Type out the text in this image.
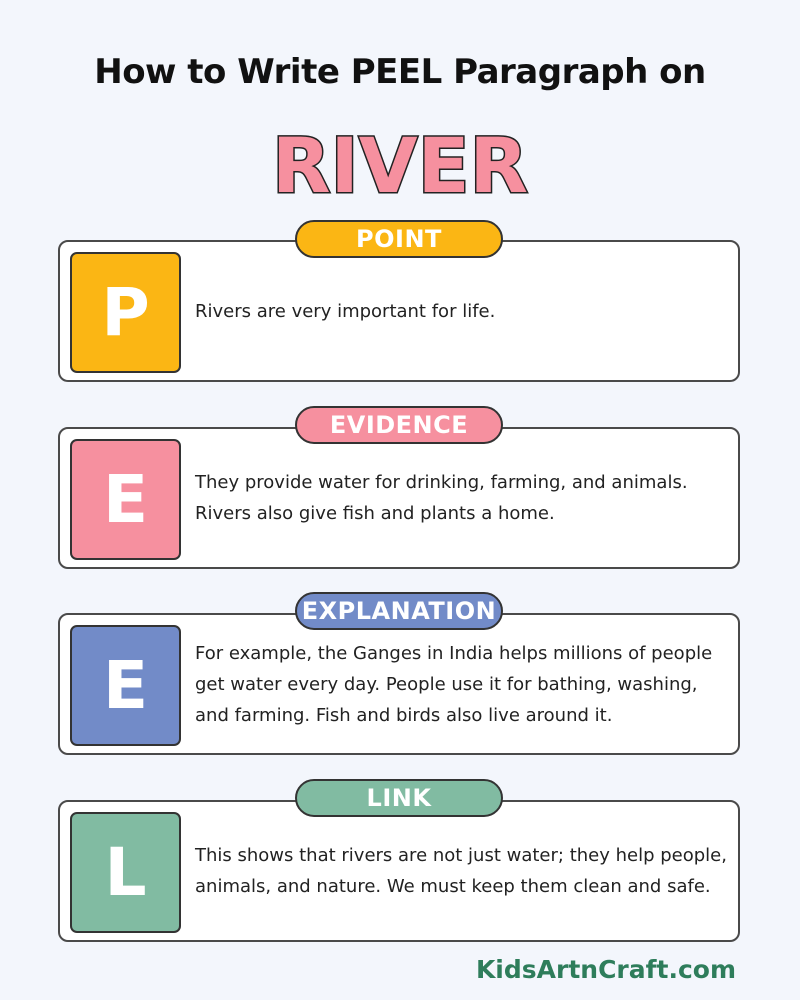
How to Write PEEL Paragraph on
RIVER
P	Rivers are very important for life.
POINT
E	They provide water for drinking, farming, and animals. Rivers also give fish and plants a home.
EVIDENCE
E	For example, the Ganges in India helps millions of people get water every day. People use it for bathing, washing, and farming. Fish and birds also live around it.
EXPLANATION
L	This shows that rivers are not just water; they help people, animals, and nature. We must keep them clean and safe.
LINK
KidsArtnCraft.com
